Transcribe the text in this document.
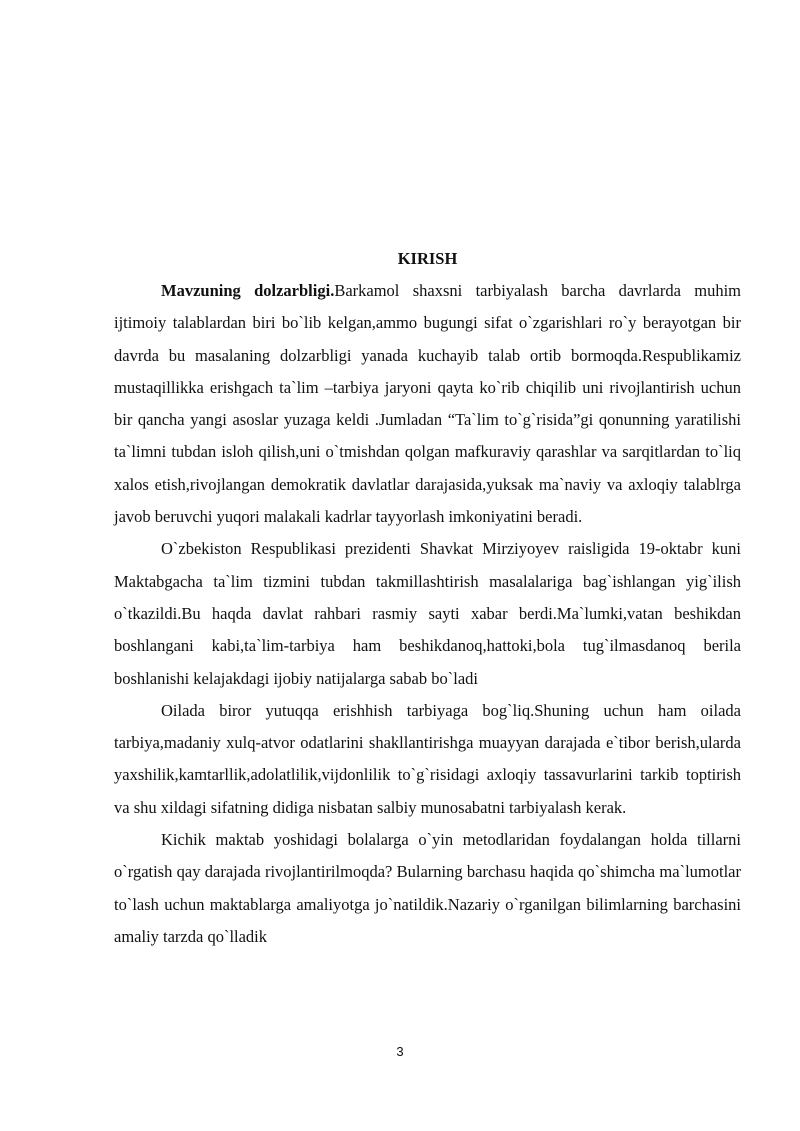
KIRISH

Mavzuning dolzarbligi.Barkamol shaxsni tarbiyalash barcha davrlarda muhim ijtimoiy talablardan biri bo`lib kelgan,ammo bugungi sifat o`zgarishlari ro`y berayotgan bir davrda bu masalaning dolzarbligi yanada kuchayib talab ortib bormoqda.Respublikamiz mustaqillikka erishgach ta`lim –tarbiya jaryoni qayta ko`rib chiqilib uni rivojlantirish uchun bir qancha yangi asoslar yuzaga keldi .Jumladan “Ta`lim to`g`risida”gi qonunning yaratilishi ta`limni tubdan isloh qilish,uni o`tmishdan qolgan mafkuraviy qarashlar va sarqitlardan to`liq xalos etish,rivojlangan demokratik davlatlar darajasida,yuksak ma`naviy va axloqiy talablrga javob beruvchi yuqori malakali kadrlar tayyorlash imkoniyatini beradi.

O`zbekiston Respublikasi prezidenti Shavkat Mirziyoyev raisligida 19-oktabr kuni Maktabgacha ta`lim tizmini tubdan takmillashtirish masalalariga bag`ishlangan yig`ilish o`tkazildi.Bu haqda davlat rahbari rasmiy sayti xabar berdi.Ma`lumki,vatan beshikdan boshlangani kabi,ta`lim-tarbiya ham beshikdanoq,hattoki,bola tug`ilmasdanoq berila boshlanishi kelajakdagi ijobiy natijalarga sabab bo`ladi

Oilada biror yutuqqa erishhish tarbiyaga bog`liq.Shuning uchun ham oilada tarbiya,madaniy xulq-atvor odatlarini shakllantirishga muayyan darajada e`tibor berish,ularda yaxshilik,kamtarllik,adolatlilik,vijdonlilik to`g`risidagi axloqiy tassavurlarini tarkib toptirish va shu xildagi sifatning didiga nisbatan salbiy munosabatni tarbiyalash kerak.

Kichik maktab yoshidagi bolalarga o`yin metodlaridan foydalangan holda tillarni o`rgatish qay darajada rivojlantirilmoqda? Bularning barchasu haqida qo`shimcha ma`lumotlar to`lash uchun maktablarga amaliyotga jo`natildik.Nazariy o`rganilgan bilimlarning barchasini amaliy tarzda qo`lladik

3
